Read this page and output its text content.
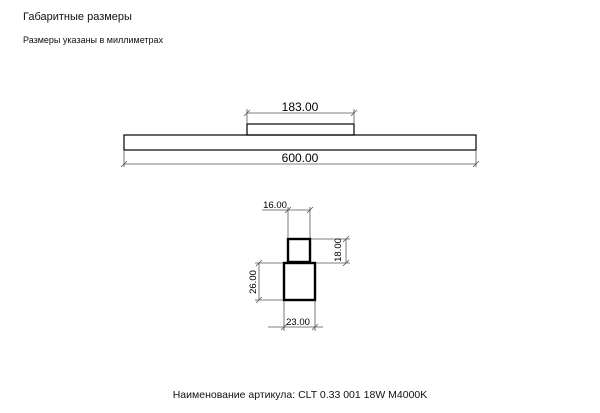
Габаритные размеры
Размеры указаны в миллиметрах
183.00
600.00
16.00
18.00
26.00
23.00
Наименование артикула: CLT 0.33 001 18W M4000K
